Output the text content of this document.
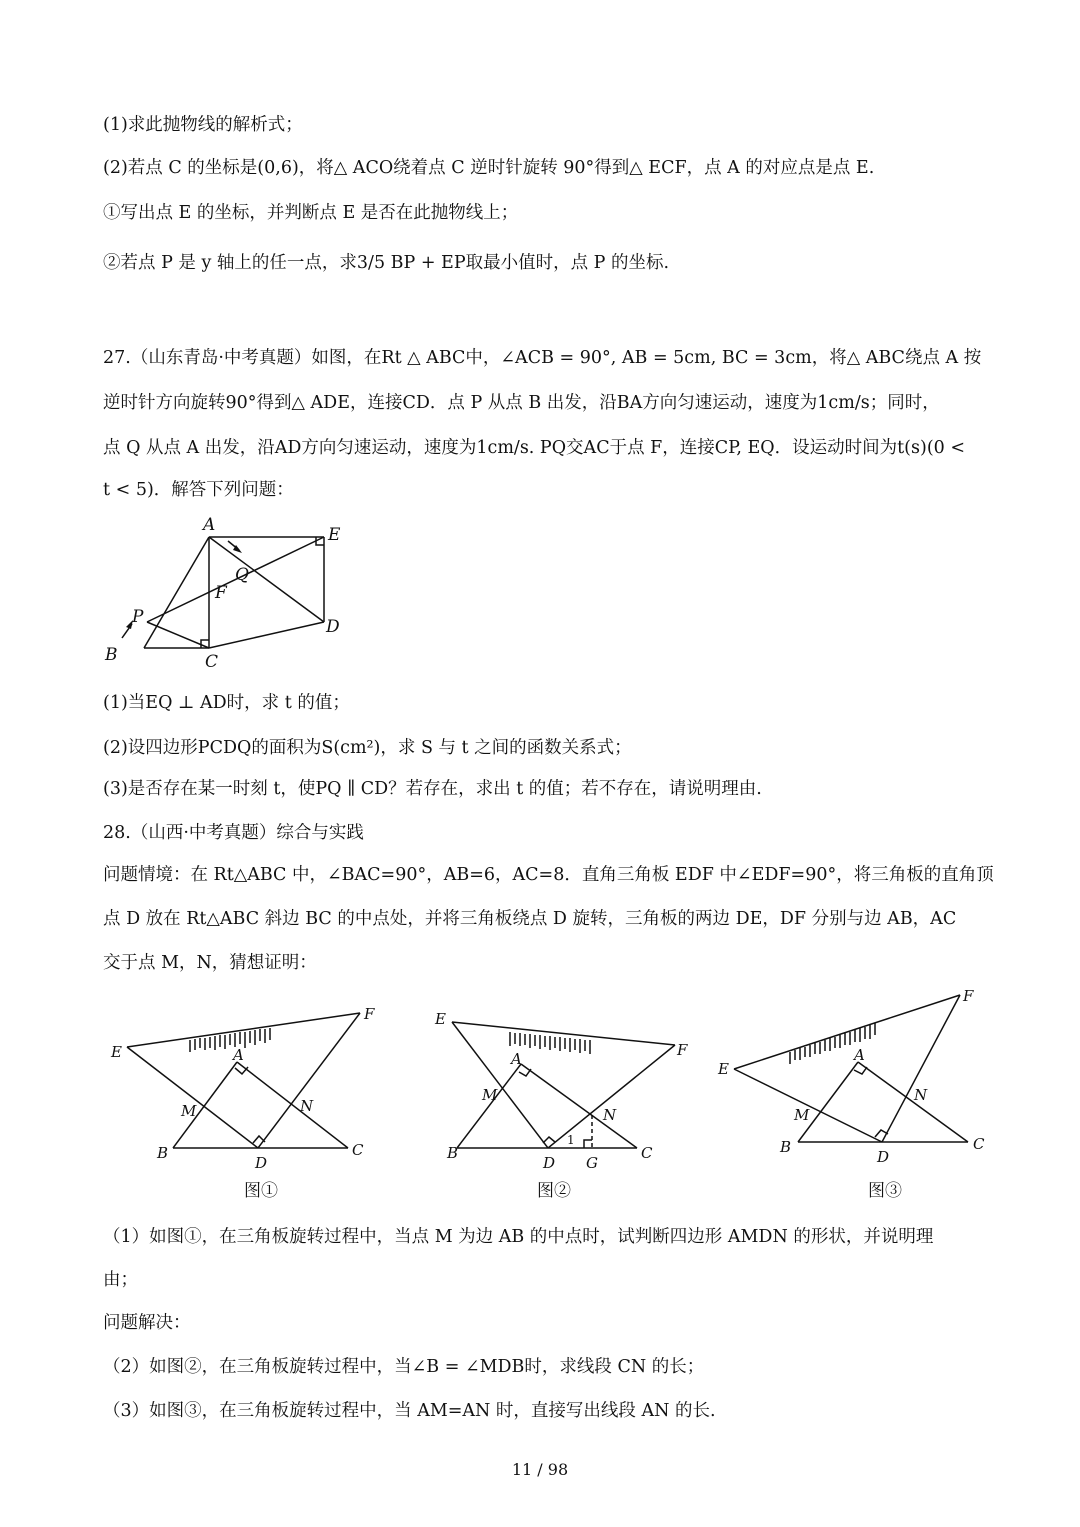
(1)求此抛物线的解析式；
(2)若点 C 的坐标是(0,6)，将△ ACO绕着点 C 逆时针旋转 90°得到△ ECF，点 A 的对应点是点 E.
①写出点 E 的坐标，并判断点 E 是否在此抛物线上；
②若点 P 是 y 轴上的任一点，求3/5 BP + EP取最小值时，点 P 的坐标.
27.（山东青岛·中考真题）如图，在Rt △ ABC中，∠ACB = 90°, AB = 5cm, BC = 3cm，将△ ABC绕点 A 按
逆时针方向旋转90°得到△ ADE，连接CD．点 P 从点 B 出发，沿BA方向匀速运动，速度为1cm/s；同时，
点 Q 从点 A 出发，沿AD方向匀速运动，速度为1cm/s. PQ交AC于点 F，连接CP, EQ．设运动时间为t(s)(0 <
t < 5)．解答下列问题：
A	E
Q
F
P	D
B	C
(1)当EQ ⊥ AD时，求 t 的值；
(2)设四边形PCDQ的面积为S(cm²)，求 S 与 t 之间的函数关系式；
(3)是否存在某一时刻 t，使PQ ∥ CD？若存在，求出 t 的值；若不存在，请说明理由.
28.（山西·中考真题）综合与实践
问题情境：在 Rt△ABC 中，∠BAC=90°，AB=6，AC=8．直角三角板 EDF 中∠EDF=90°，将三角板的直角顶
点 D 放在 Rt△ABC 斜边 BC 的中点处，并将三角板绕点 D 旋转，三角板的两边 DE，DF 分别与边 AB，AC
交于点 M，N，猜想证明：
E
F
A
M	N
B
D
C
图①
E
F
A
M
N
B
D G
C
1
图②
E
F
A
M
N
B
D
C
图③
（1）如图①，在三角板旋转过程中，当点 M 为边 AB 的中点时，试判断四边形 AMDN 的形状，并说明理
由；
问题解决：
（2）如图②，在三角板旋转过程中，当∠B = ∠MDB时，求线段 CN 的长；
（3）如图③，在三角板旋转过程中，当 AM=AN 时，直接写出线段 AN 的长.
11 / 98
